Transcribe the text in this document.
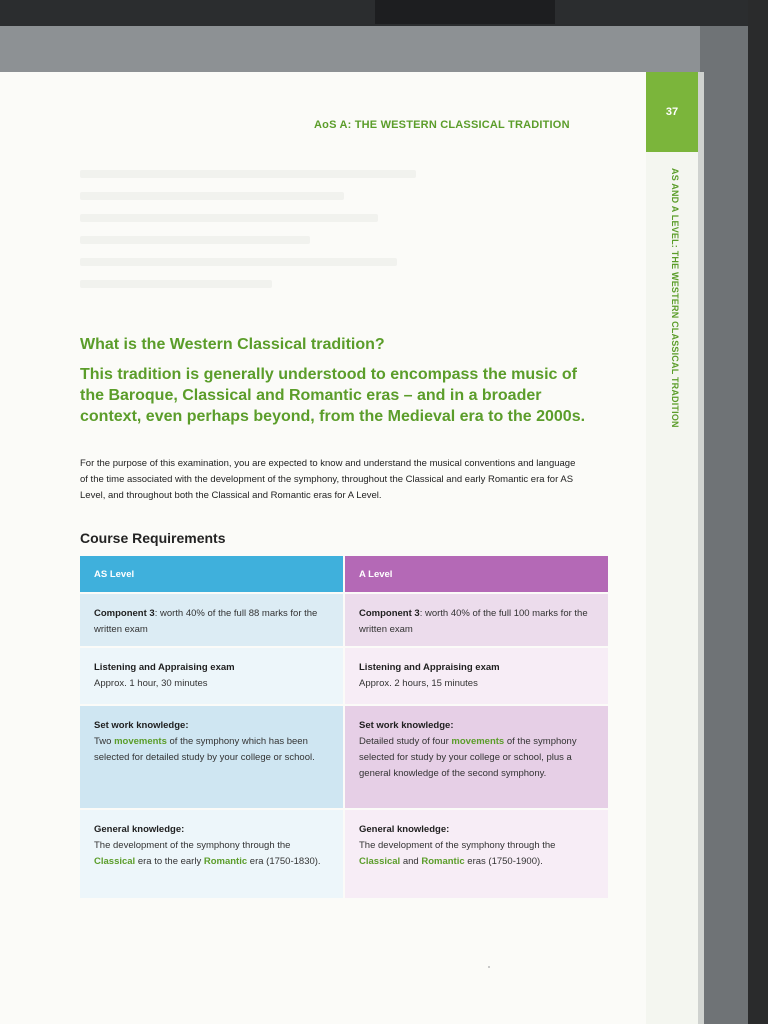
37
AS AND A LEVEL: THE WESTERN CLASSICAL TRADITION
AoS A: THE WESTERN CLASSICAL TRADITION
What is the Western Classical tradition?

This tradition is generally understood to encompass the music of the Baroque, Classical and Romantic eras – and in a broader context, even perhaps beyond, from the Medieval era to the 2000s.

For the purpose of this examination, you are expected to know and understand the musical conventions and language of the time associated with the development of the symphony, throughout the Classical and early Romantic era for AS Level, and throughout both the Classical and Romantic eras for A Level.

Course Requirements
AS Level
Component 3: worth 40% of the full 88 marks for the written exam
Listening and Appraising exam
Approx. 1 hour, 30 minutes
Set work knowledge:
Two movements of the symphony which has been selected for detailed study by your college or school.
General knowledge:
The development of the symphony through the Classical era to the early Romantic era (1750-1830).
A Level
Component 3: worth 40% of the full 100 marks for the written exam
Listening and Appraising exam
Approx. 2 hours, 15 minutes
Set work knowledge:
Detailed study of four movements of the symphony selected for study by your college or school, plus a general knowledge of the second symphony.
General knowledge:
The development of the symphony through the Classical and Romantic eras (1750-1900).
